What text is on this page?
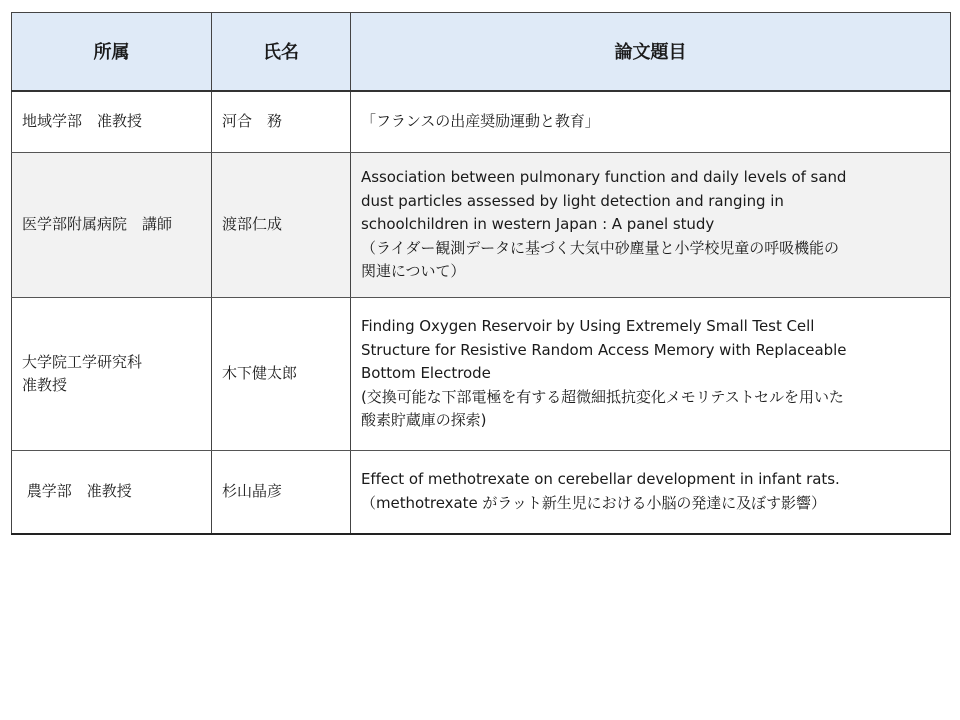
所属	氏名	論文題目

地域学部　准教授	河合　務	「フランスの出産奨励運動と教育」

医学部附属病院　講師	渡部仁成	Association between pulmonary function and daily levels of sand
dust particles assessed by light detection and ranging in
schoolchildren in western Japan : A panel study
（ライダー観測データに基づく大気中砂塵量と小学校児童の呼吸機能の
関連について）

大学院工学研究科
准教授	木下健太郎	Finding Oxygen Reservoir by Using Extremely Small Test Cell
Structure for Resistive Random Access Memory with Replaceable
Bottom Electrode
(交換可能な下部電極を有する超微細抵抗変化メモリテストセルを用いた
酸素貯蔵庫の探索)

農学部　准教授	杉山晶彦	Effect of methotrexate on cerebellar development in infant rats.
（methotrexate がラット新生児における小脳の発達に及ぼす影響）
